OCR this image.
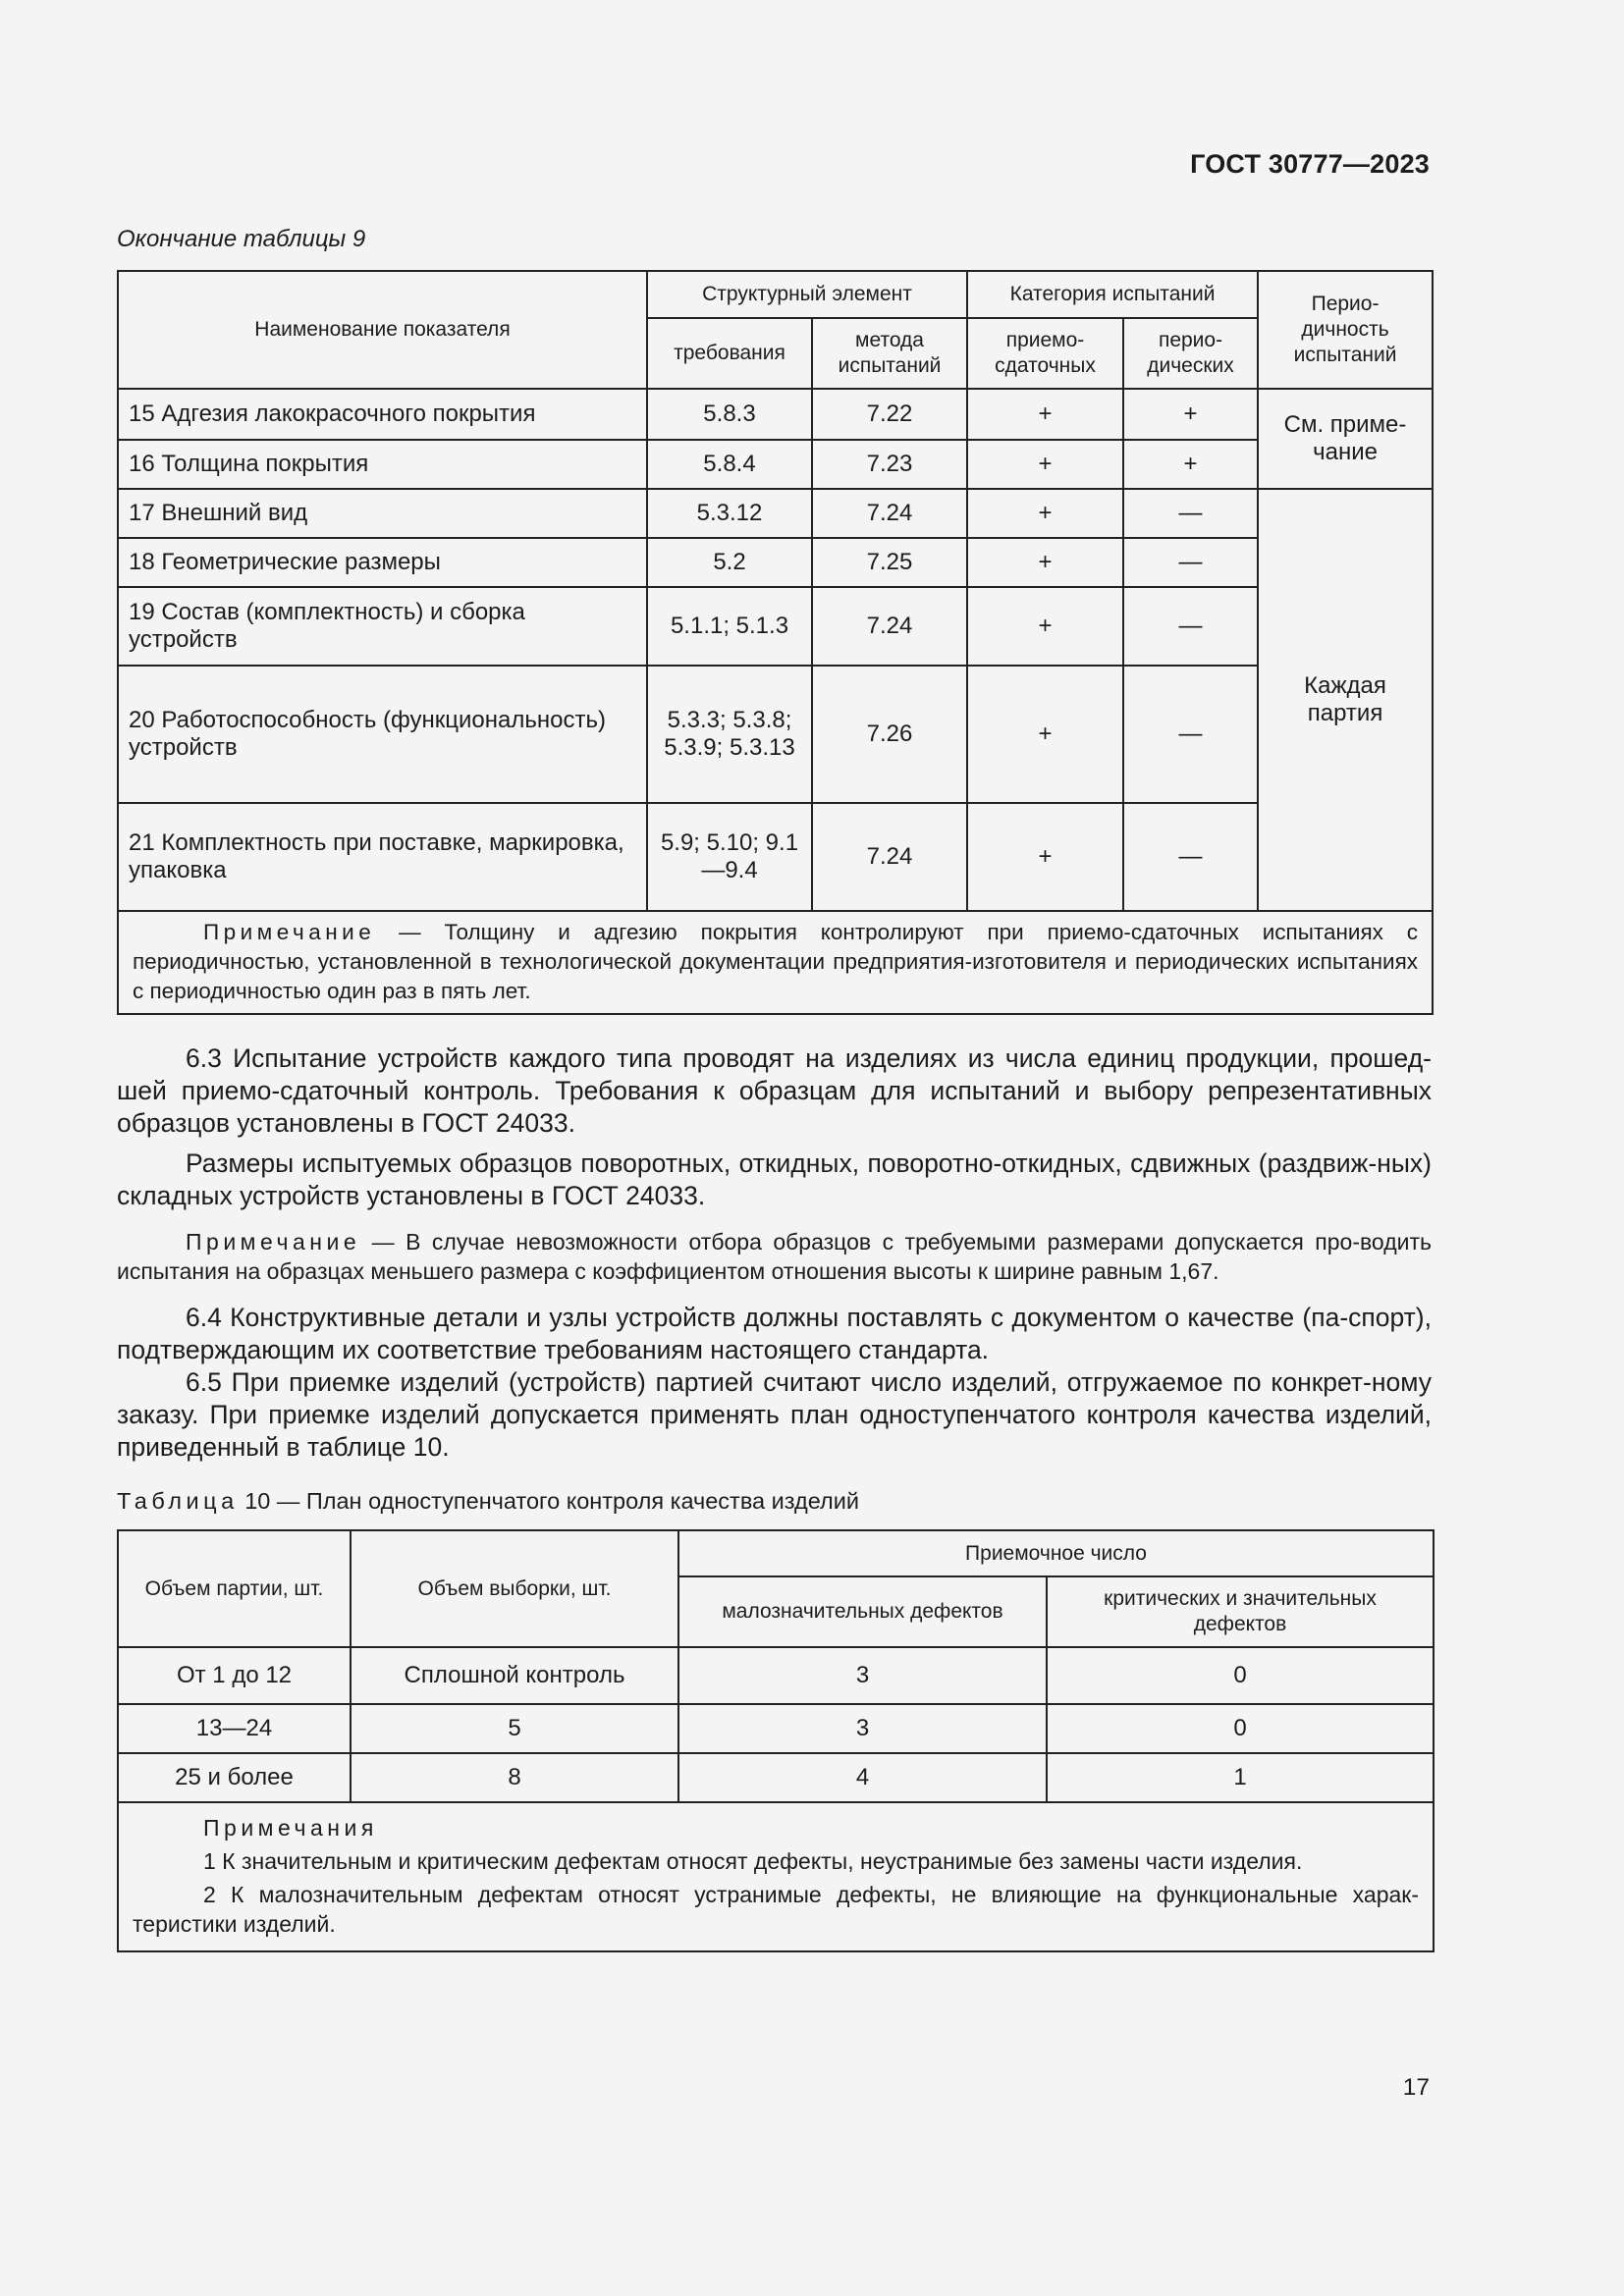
ГОСТ 30777—2023
Окончание таблицы 9
Наименование показателя	Структурный элемент		Категория испытаний		Перио-дичность испытаний
	требования	метода испытаний	приемо-сдаточных	перио-дических	
15 Адгезия лакокрасочного покрытия	5.8.3	7.22	+	+	См. приме-чание
16 Толщина покрытия	5.8.4	7.23	+	+	
17 Внешний вид	5.3.12	7.24	+	—	Каждая партия
18 Геометрические размеры	5.2	7.25	+	—	
19 Состав (комплектность) и сборка устройств	5.1.1; 5.1.3	7.24	+	—	
20 Работоспособность (функциональность) устройств	5.3.3; 5.3.8; 5.3.9; 5.3.13	7.26	+	—	
21 Комплектность при поставке, маркировка, упаковка	5.9; 5.10; 9.1—9.4	7.24	+	—	
Примечание — Толщину и адгезию покрытия контролируют при приемо-сдаточных испытаниях с периодичностью, установленной в технологической документации предприятия-изготовителя и периодических испытаниях с периодичностью один раз в пять лет.					

6.3 Испытание устройств каждого типа проводят на изделиях из числа единиц продукции, прошед-шей приемо-сдаточный контроль. Требования к образцам для испытаний и выбору репрезентативных образцов установлены в ГОСТ 24033.

Размеры испытуемых образцов поворотных, откидных, поворотно-откидных, сдвижных (раздвиж-ных) складных устройств установлены в ГОСТ 24033.

Примечание — В случае невозможности отбора образцов с требуемыми размерами допускается про-водить испытания на образцах меньшего размера с коэффициентом отношения высоты к ширине равным 1,67.

6.4 Конструктивные детали и узлы устройств должны поставлять с документом о качестве (па-спорт), подтверждающим их соответствие требованиям настоящего стандарта.

6.5 При приемке изделий (устройств) партией считают число изделий, отгружаемое по конкрет-ному заказу. При приемке изделий допускается применять план одноступенчатого контроля качества изделий, приведенный в таблице 10.

Таблица 10 — План одноступенчатого контроля качества изделий
Объем партии, шт.	Объем выборки, шт.	Приемочное число	
		малозначительных дефектов	критических и значительных дефектов
От 1 до 12	Сплошной контроль	3	0
13—24	5	3	0
25 и более	8	4	1

Примечания

1 К значительным и критическим дефектам относят дефекты, неустранимые без замены части изделия.

2 К малозначительным дефектам относят устранимые дефекты, не влияющие на функциональные харак-теристики изделий.			

17
